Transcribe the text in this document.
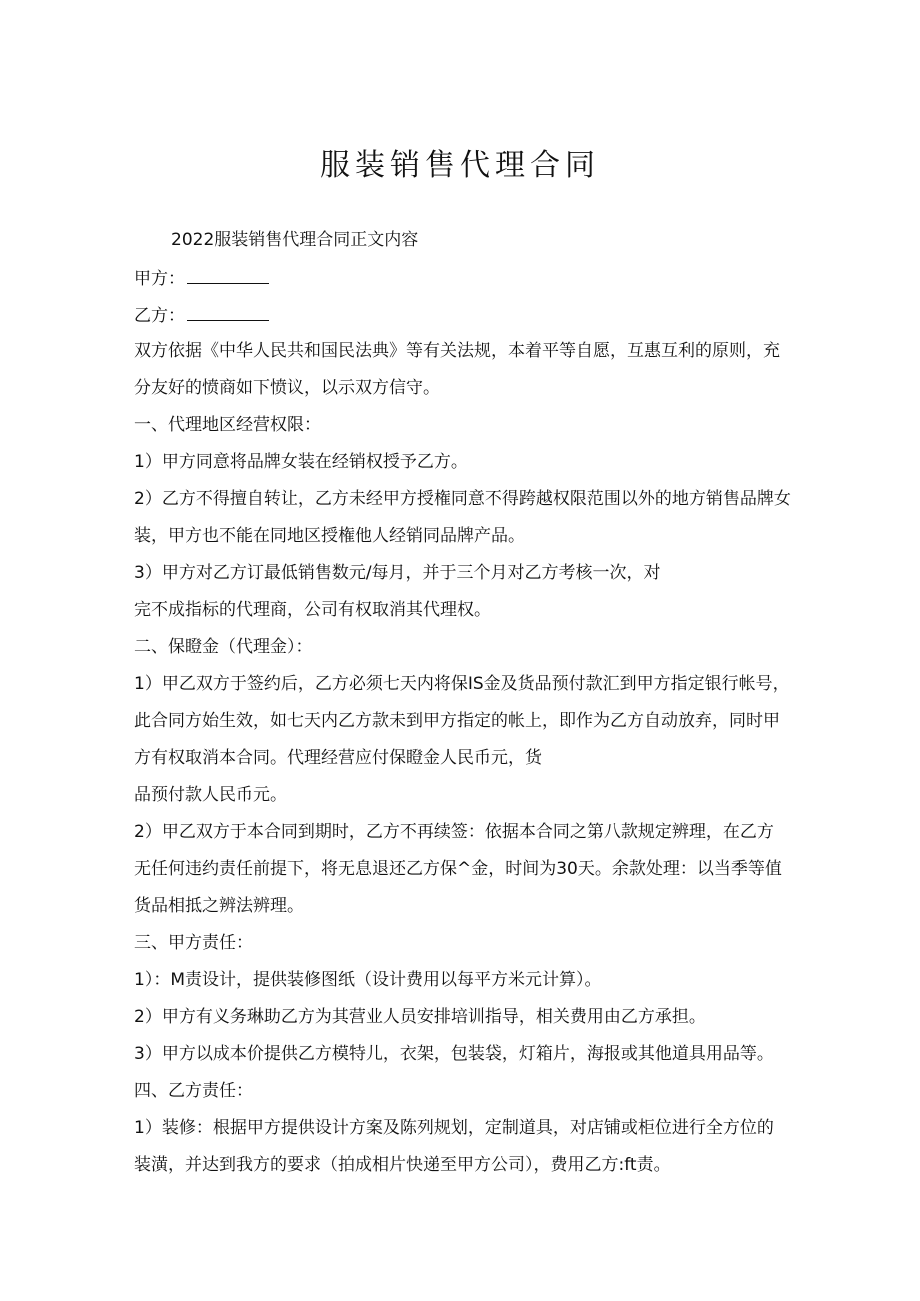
服装销售代理合同
2022服装销售代理合同正文内容
甲方：
乙方：
双方依据《中华人民共和国民法典》等有关法规，本着平等自愿，互惠互利的原则，充
分友好的愤商如下愤议，以示双方信守。
一、代理地区经营权限：
1）甲方同意将品牌女装在经销权授予乙方。
2）乙方不得擅自转让，乙方未经甲方授権同意不得跨越权限范围以外的地方销售品牌女
装，甲方也不能在同地区授権他人经销同品牌产品。
3）甲方对乙方订最低销售数元/每月，并于三个月对乙方考核一次，对
完不成指标的代理商，公司有权取消其代理权。
二、保瞪金（代理金）：
1）甲乙双方于签约后，乙方必须七天内将保IS金及货品预付款汇到甲方指定银行帐号，
此合同方始生效，如七天内乙方款未到甲方指定的帐上，即作为乙方自动放弃，同时甲
方有权取消本合同。代理经营应付保瞪金人民币元，货
品预付款人民币元。
2）甲乙双方于本合同到期时，乙方不再续签：依据本合同之第八款规定辨理，在乙方
无任何违约责任前提下，将无息退还乙方保^金，时间为30天。余款处理：以当季等值
货品相抵之辨法辨理。
三、甲方责任：
1）：M责设计，提供装修图纸（设计费用以每平方米元计算）。
2）甲方有义务琳助乙方为其营业人员安排培训指导，相关费用由乙方承担。
3）甲方以成本价提供乙方模特儿，衣架，包装袋，灯箱片，海报或其他道具用品等。
四、乙方责任：
1）装修：根据甲方提供设计方案及陈列规划，定制道具，对店铺或柜位进行全方位的
装潢，并达到我方的要求（拍成相片快递至甲方公司），费用乙方:ft责。
